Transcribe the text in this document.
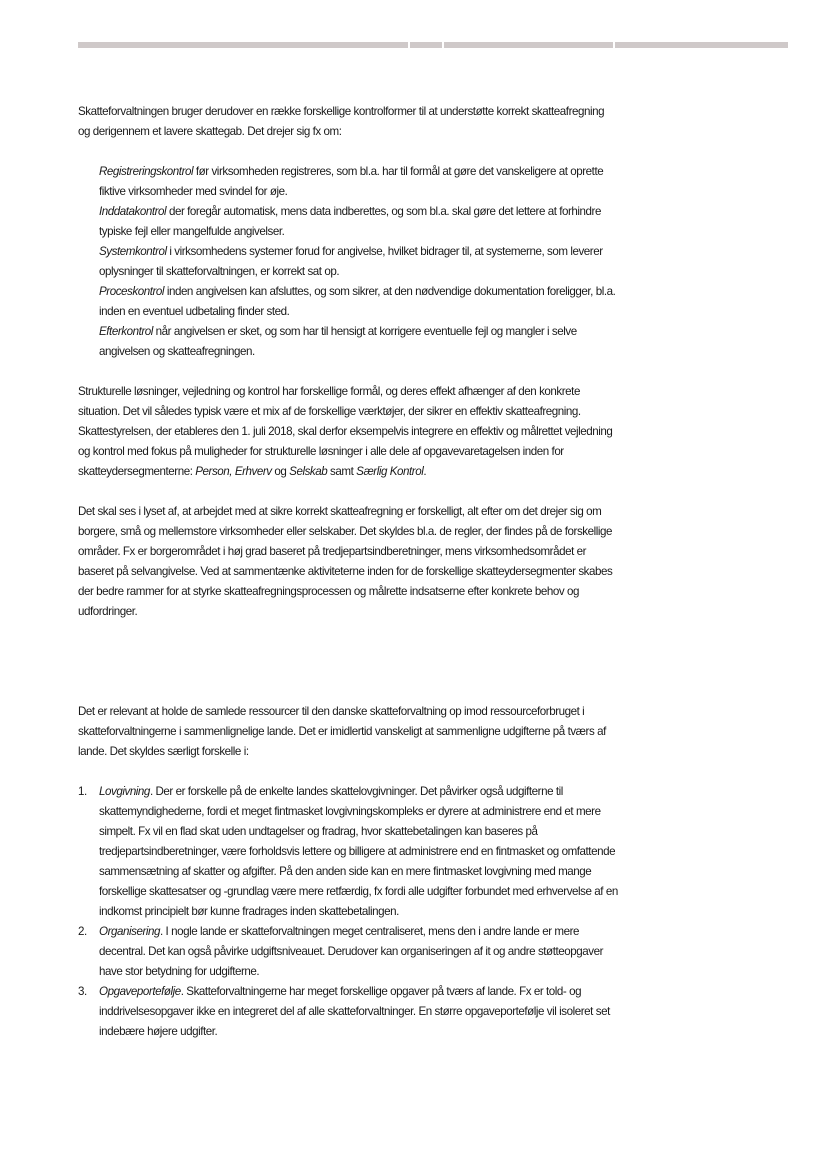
Skatteforvaltningen bruger derudover en række forskellige kontrolformer til at understøtte korrekt skatteafregning og derigennem et lavere skattegab. Det drejer sig fx om:

Registreringskontrol før virksomheden registreres, som bl.a. har til formål at gøre det vanskeligere at oprette fiktive virksomheder med svindel for øje.

Inddatakontrol der foregår automatisk, mens data indberettes, og som bl.a. skal gøre det lettere at forhindre typiske fejl eller mangelfulde angivelser.

Systemkontrol i virksomhedens systemer forud for angivelse, hvilket bidrager til, at systemerne, som leverer oplysninger til skatteforvaltningen, er korrekt sat op.

Proceskontrol inden angivelsen kan afsluttes, og som sikrer, at den nødvendige dokumentation foreligger, bl.a. inden en eventuel udbetaling finder sted.

Efterkontrol når angivelsen er sket, og som har til hensigt at korrigere eventuelle fejl og mangler i selve angivelsen og skatteafregningen.

Strukturelle løsninger, vejledning og kontrol har forskellige formål, og deres effekt afhænger af den konkrete situation. Det vil således typisk være et mix af de forskellige værktøjer, der sikrer en effektiv skatteafregning. Skattestyrelsen, der etableres den 1. juli 2018, skal derfor eksempelvis integrere en effektiv og målrettet vejledning og kontrol med fokus på muligheder for strukturelle løsninger i alle dele af opgavevaretagelsen inden for skatteydersegmenterne: Person, Erhverv og Selskab samt Særlig Kontrol.

Det skal ses i lyset af, at arbejdet med at sikre korrekt skatteafregning er forskelligt, alt efter om det drejer sig om borgere, små og mellemstore virksomheder eller selskaber. Det skyldes bl.a. de regler, der findes på de forskellige områder. Fx er borgerområdet i høj grad baseret på tredjepartsindberetninger, mens virksomhedsområdet er baseret på selvangivelse. Ved at sammentænke aktiviteterne inden for de forskellige skatteydersegmenter skabes der bedre rammer for at styrke skatteafregningsprocessen og målrette indsatserne efter konkrete behov og udfordringer.

Det er relevant at holde de samlede ressourcer til den danske skatteforvaltning op imod ressourceforbruget i skatteforvaltningerne i sammenlignelige lande. Det er imidlertid vanskeligt at sammenligne udgifterne på tværs af lande. Det skyldes særligt forskelle i:

1. Lovgivning. Der er forskelle på de enkelte landes skattelovgivninger. Det påvirker også udgifterne til skattemyndighederne, fordi et meget fintmasket lovgivningskompleks er dyrere at administrere end et mere simpelt. Fx vil en flad skat uden undtagelser og fradrag, hvor skattebetalingen kan baseres på tredjepartsindberetninger, være forholdsvis lettere og billigere at administrere end en fintmasket og omfattende sammensætning af skatter og afgifter. På den anden side kan en mere fintmasket lovgivning med mange forskellige skattesatser og -grundlag være mere retfærdig, fx fordi alle udgifter forbundet med erhvervelse af en indkomst principielt bør kunne fradrages inden skattebetalingen.

2. Organisering. I nogle lande er skatteforvaltningen meget centraliseret, mens den i andre lande er mere decentral. Det kan også påvirke udgiftsniveauet. Derudover kan organiseringen af it og andre støtteopgaver have stor betydning for udgifterne.

3. Opgaveportefølje. Skatteforvaltningerne har meget forskellige opgaver på tværs af lande. Fx er told- og inddrivelsesopgaver ikke en integreret del af alle skatteforvaltninger. En større opgaveportefølje vil isoleret set indebære højere udgifter.
